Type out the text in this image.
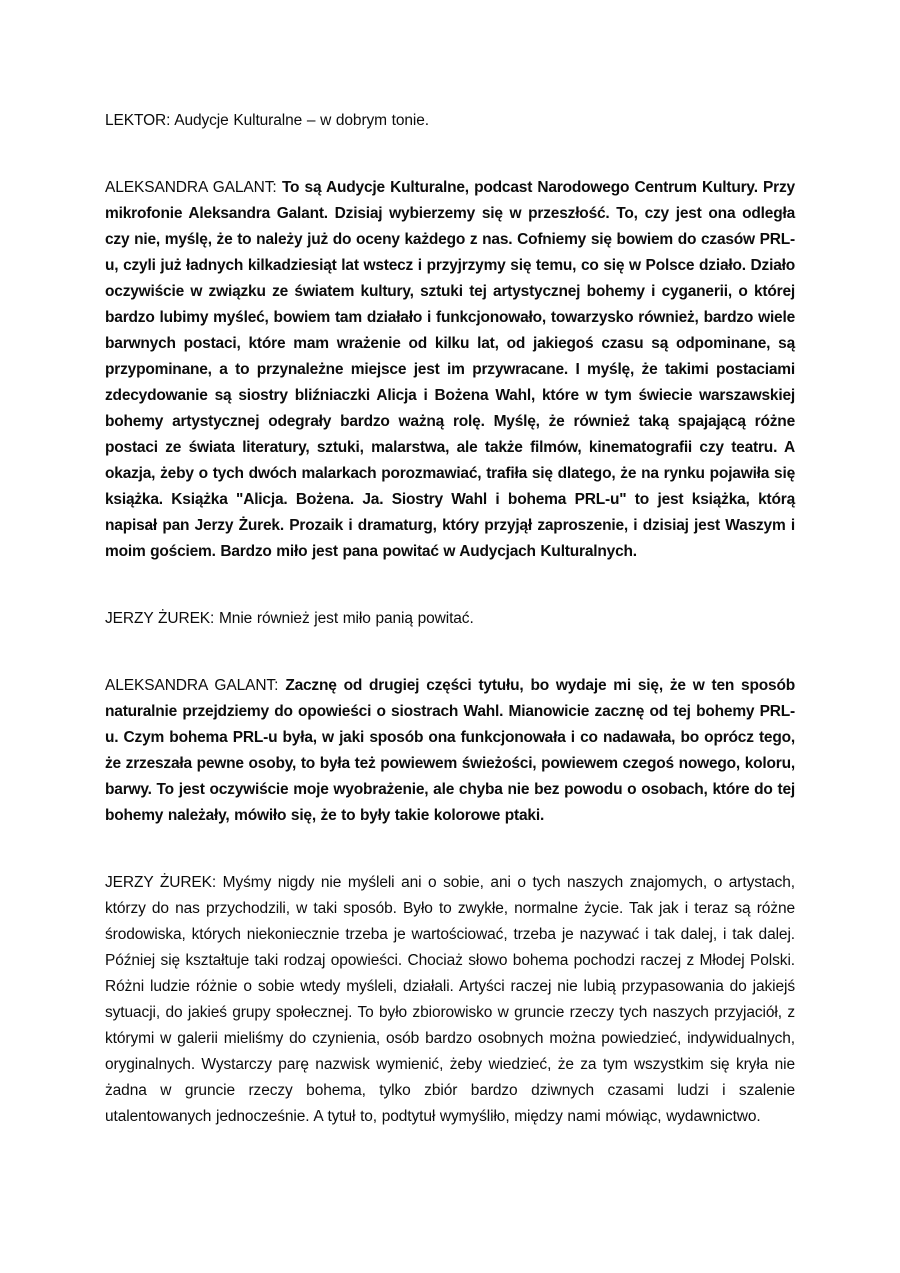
LEKTOR: Audycje Kulturalne – w dobrym tonie.

ALEKSANDRA GALANT: To są Audycje Kulturalne, podcast Narodowego Centrum Kultury. Przy mikrofonie Aleksandra Galant. Dzisiaj wybierzemy się w przeszłość. To, czy jest ona odległa czy nie, myślę, że to należy już do oceny każdego z nas. Cofniemy się bowiem do czasów PRL-u, czyli już ładnych kilkadziesiąt lat wstecz i przyjrzymy się temu, co się w Polsce działo. Działo oczywiście w związku ze światem kultury, sztuki tej artystycznej bohemy i cyganerii, o której bardzo lubimy myśleć, bowiem tam działało i funkcjonowało, towarzysko również, bardzo wiele barwnych postaci, które mam wrażenie od kilku lat, od jakiegoś czasu są odpominane, są przypominane, a to przynależne miejsce jest im przywracane. I myślę, że takimi postaciami zdecydowanie są siostry bliźniaczki Alicja i Bożena Wahl, które w tym świecie warszawskiej bohemy artystycznej odegrały bardzo ważną rolę. Myślę, że również taką spajającą różne postaci ze świata literatury, sztuki, malarstwa, ale także filmów, kinematografii czy teatru. A okazja, żeby o tych dwóch malarkach porozmawiać, trafiła się dlatego, że na rynku pojawiła się książka. Książka "Alicja. Bożena. Ja. Siostry Wahl i bohema PRL-u" to jest książka, którą napisał pan Jerzy Żurek. Prozaik i dramaturg, który przyjął zaproszenie, i dzisiaj jest Waszym i moim gościem. Bardzo miło jest pana powitać w Audycjach Kulturalnych.

JERZY ŻUREK: Mnie również jest miło panią powitać.

ALEKSANDRA GALANT: Zacznę od drugiej części tytułu, bo wydaje mi się, że w ten sposób naturalnie przejdziemy do opowieści o siostrach Wahl. Mianowicie zacznę od tej bohemy PRL-u. Czym bohema PRL-u była, w jaki sposób ona funkcjonowała i co nadawała, bo oprócz tego, że zrzeszała pewne osoby, to była też powiewem świeżości, powiewem czegoś nowego, koloru, barwy. To jest oczywiście moje wyobrażenie, ale chyba nie bez powodu o osobach, które do tej bohemy należały, mówiło się, że to były takie kolorowe ptaki.

JERZY ŻUREK: Myśmy nigdy nie myśleli ani o sobie, ani o tych naszych znajomych, o artystach, którzy do nas przychodzili, w taki sposób. Było to zwykłe, normalne życie. Tak jak i teraz są różne środowiska, których niekoniecznie trzeba je wartościować, trzeba je nazywać i tak dalej, i tak dalej. Później się kształtuje taki rodzaj opowieści. Chociaż słowo bohema pochodzi raczej z Młodej Polski. Różni ludzie różnie o sobie wtedy myśleli, działali. Artyści raczej nie lubią przypasowania do jakiejś sytuacji, do jakieś grupy społecznej. To było zbiorowisko w gruncie rzeczy tych naszych przyjaciół, z którymi w galerii mieliśmy do czynienia, osób bardzo osobnych można powiedzieć, indywidualnych, oryginalnych. Wystarczy parę nazwisk wymienić, żeby wiedzieć, że za tym wszystkim się kryła nie żadna w gruncie rzeczy bohema, tylko zbiór bardzo dziwnych czasami ludzi i szalenie utalentowanych jednocześnie. A tytuł to, podtytuł wymyśliło, między nami mówiąc, wydawnictwo.
